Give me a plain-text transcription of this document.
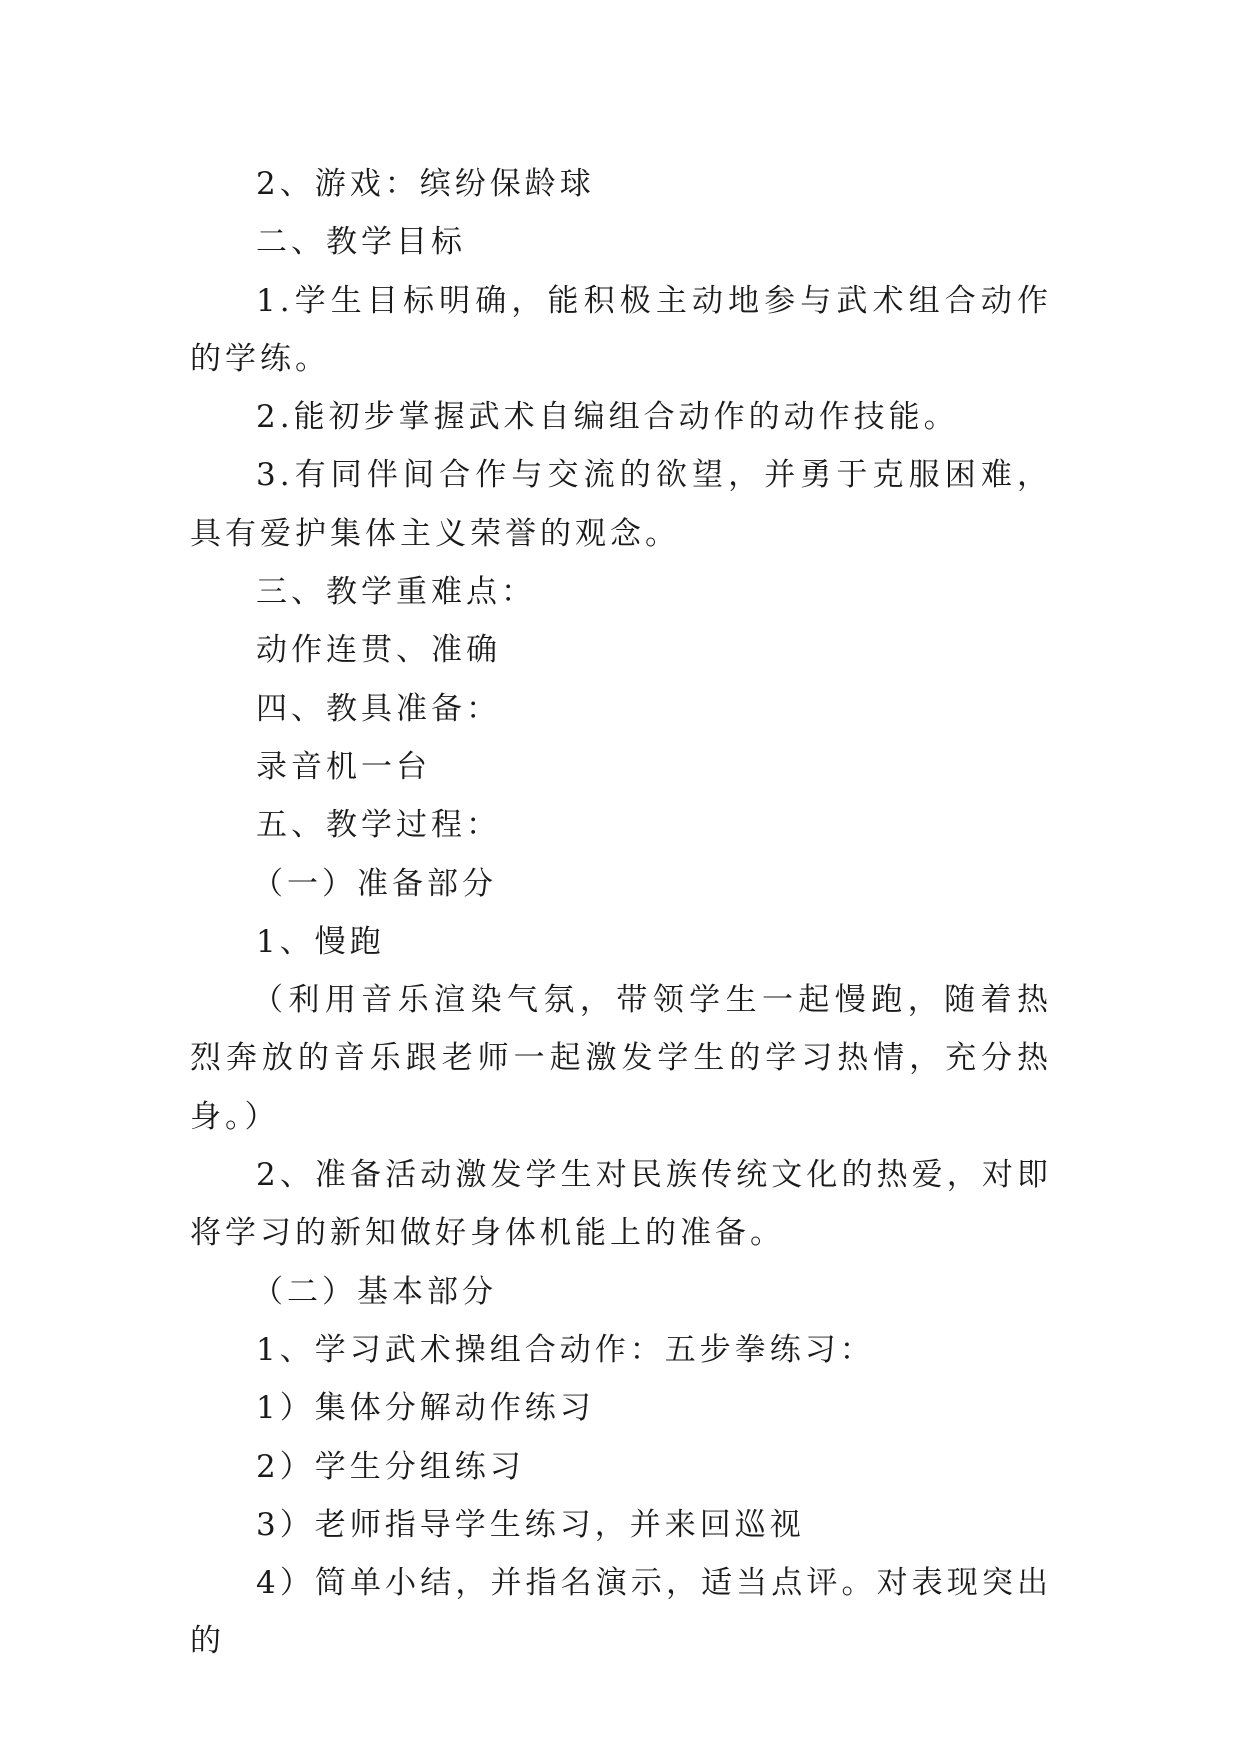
2、游戏：缤纷保龄球

二、教学目标

1.学生目标明确，能积极主动地参与武术组合动作的学练。

2.能初步掌握武术自编组合动作的动作技能。

3.有同伴间合作与交流的欲望，并勇于克服困难，具有爱护集体主义荣誉的观念。

三、教学重难点：

动作连贯、准确

四、教具准备：

录音机一台

五、教学过程：

（一）准备部分

1、慢跑

（利用音乐渲染气氛，带领学生一起慢跑，随着热烈奔放的音乐跟老师一起激发学生的学习热情，充分热身。）

2、准备活动激发学生对民族传统文化的热爱，对即将学习的新知做好身体机能上的准备。

（二）基本部分

1、学习武术操组合动作：五步拳练习：

1）集体分解动作练习

2）学生分组练习

3）老师指导学生练习，并来回巡视

4）简单小结，并指名演示，适当点评。对表现突出的
